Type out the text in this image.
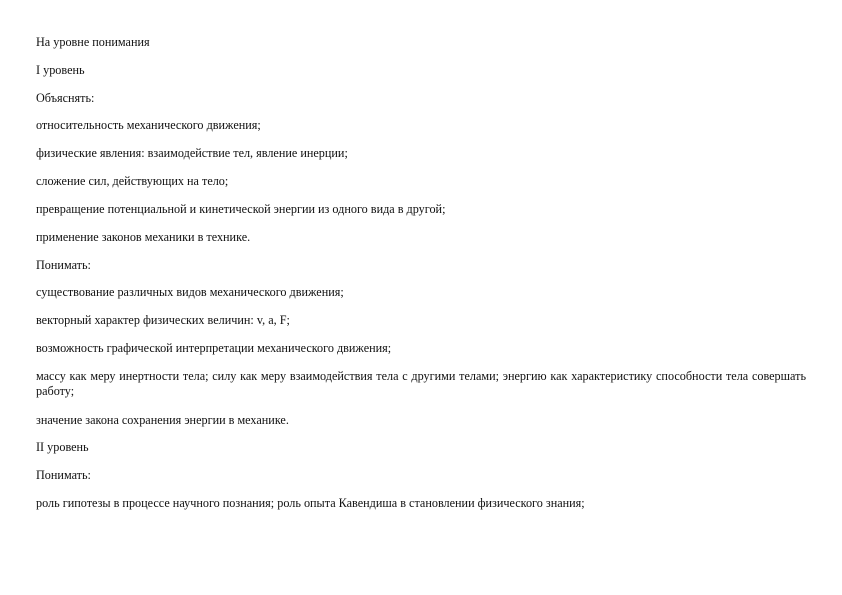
На уровне понимания

I уровень

Объяснять:

относительность механического движения;

физические явления: взаимодействие тел, явление инерции;

сложение сил, действующих на тело;

превращение потенциальной и кинетической энергии из одного вида в другой;

применение законов механики в технике.

Понимать:

существование различных видов механического движения;

векторный характер физических величин: v, a, F;

возможность графической интерпретации механического движения;

массу как меру инертности тела; силу как меру взаимодействия тела с другими телами; энергию как характеристику способности тела совершать работу;

значение закона сохранения энергии в механике.

II уровень

Понимать:

роль гипотезы в процессе научного познания; роль опыта Кавендиша в становлении физического знания;
